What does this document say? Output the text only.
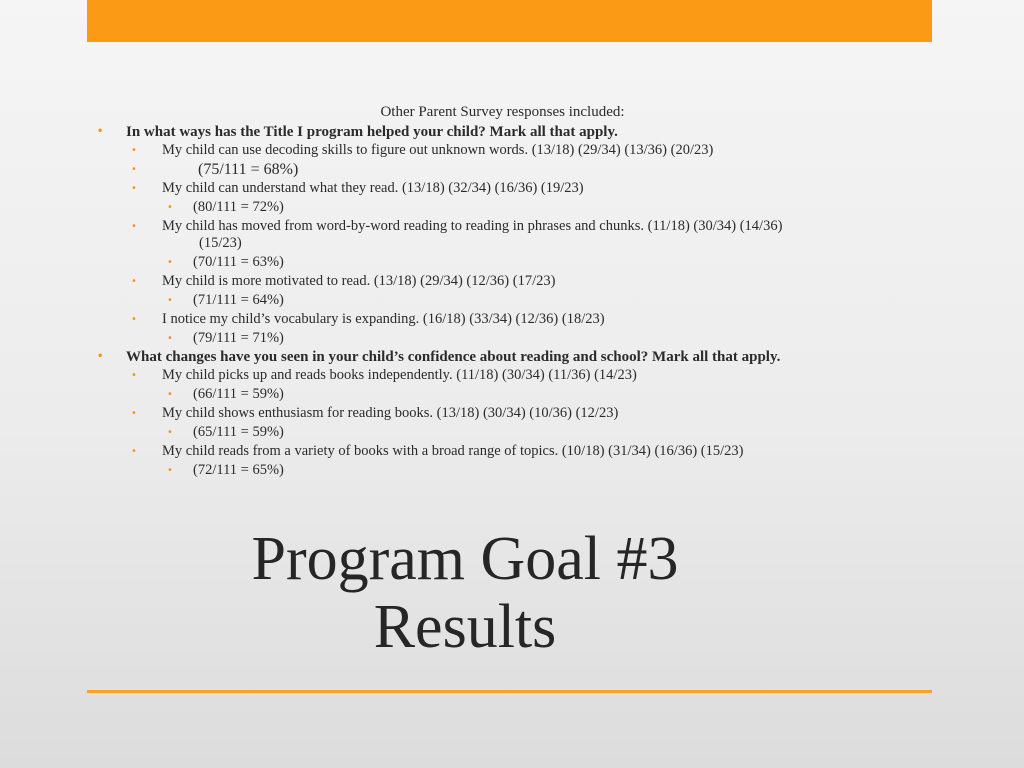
Other Parent Survey responses included:

• In what ways has the Title I program helped your child? Mark all that apply.
• My child can use decoding skills to figure out unknown words. (13/18) (29/34) (13/36) (20/23)
• (75/111 = 68%)
• My child can understand what they read. (13/18) (32/34) (16/36) (19/23)
• (80/111 = 72%)
• My child has moved from word-by-word reading to reading in phrases and chunks. (11/18) (30/34) (14/36)
(15/23)
• (70/111 = 63%)
• My child is more motivated to read. (13/18) (29/34) (12/36) (17/23)
• (71/111 = 64%)
• I notice my child’s vocabulary is expanding. (16/18) (33/34) (12/36) (18/23)
• (79/111 = 71%)
• What changes have you seen in your child’s confidence about reading and school? Mark all that apply.
• My child picks up and reads books independently. (11/18) (30/34) (11/36) (14/23)
• (66/111 = 59%)
• My child shows enthusiasm for reading books. (13/18) (30/34) (10/36) (12/23)
• (65/111 = 59%)
• My child reads from a variety of books with a broad range of topics. (10/18) (31/34) (16/36) (15/23)
• (72/111 = 65%)
Program Goal #3
Results
